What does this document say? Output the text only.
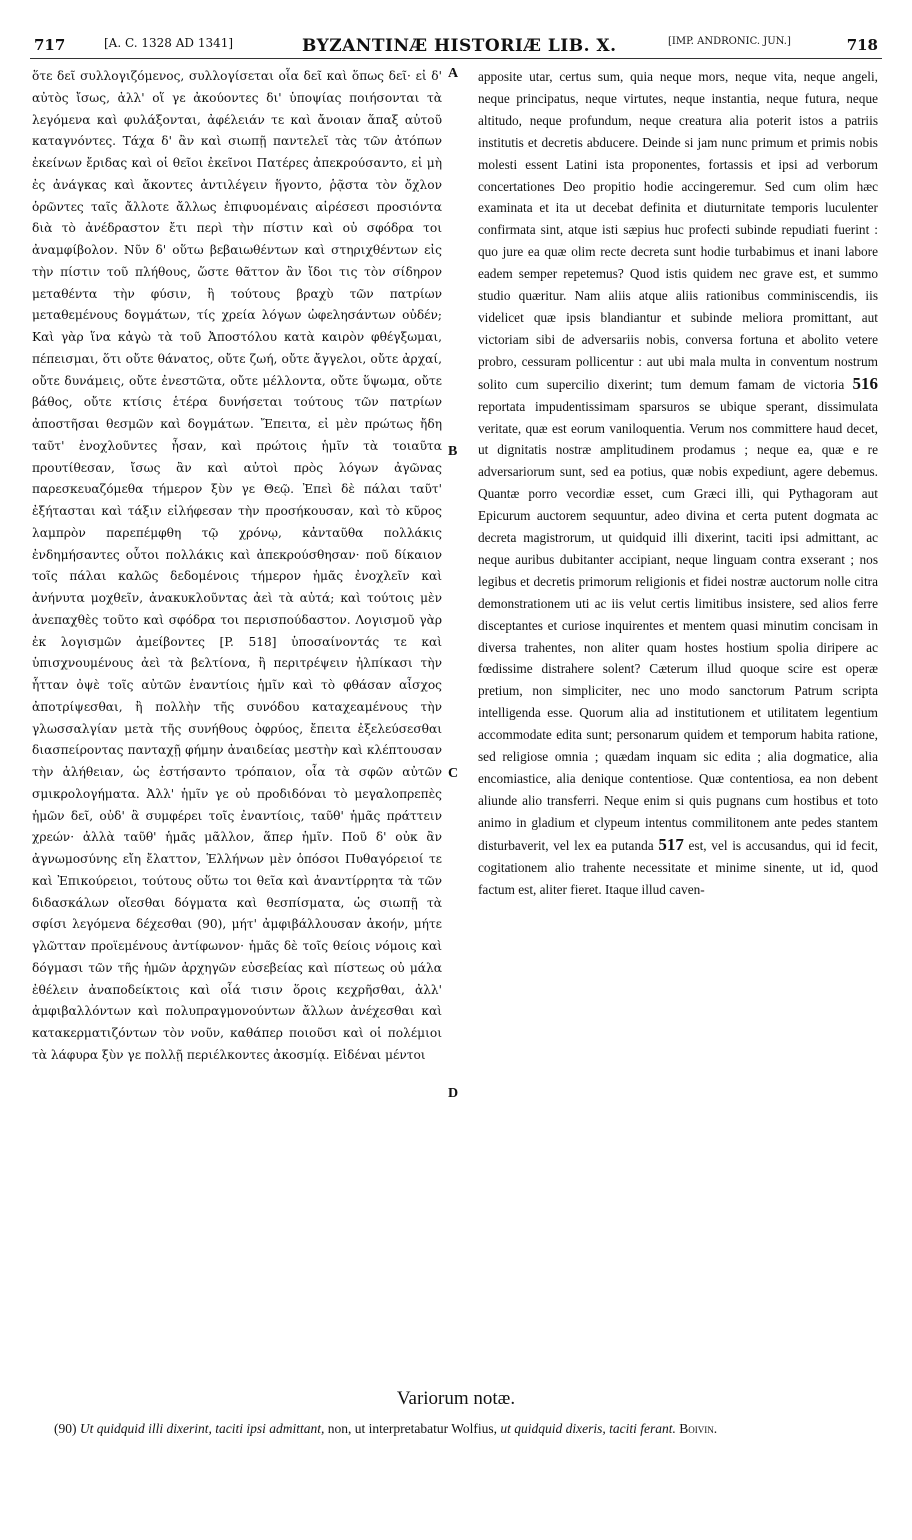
717	[A. C. 1328 AD 1341]	BYZANTINÆ HISTORIÆ LIB. X.	[IMP. ANDRONIC. JUN.]	718
ὅτε δεῖ συλλογιζόμενος, συλλογίσεται οἷα δεῖ καὶ ὅπως δεῖ· εἰ δ' αὐτὸς ἴσως, ἀλλ' οἵ γε ἀκούοντες δι' ὑποψίας ποιήσονται τὰ λεγόμενα καὶ φυλάξονται, ἀφέλειάν τε καὶ ἄνοιαν ἅπαξ αὐτοῦ καταγνόντες. Τάχα δ' ἂν καὶ σιωπῇ παντελεῖ τὰς τῶν ἀτόπων ἐκείνων ἔριδας καὶ οἱ θεῖοι ἐκεῖνοι Πατέρες ἀπεκρούσαντο, εἰ μὴ ἐς ἀνάγκας καὶ ἄκοντες ἀντιλέγειν ἥγοντο, ῥᾷστα τὸν ὄχλον ὁρῶντες ταῖς ἄλλοτε ἄλλως ἐπιφυομέναις αἱρέσεσι προσιόντα διὰ τὸ ἀνέδραστον ἔτι περὶ τὴν πίστιν καὶ οὐ σφόδρα τοι ἀναμφίβολον. Νῦν δ' οὕτω βεβαιωθέντων καὶ στηριχθέντων εἰς τὴν πίστιν τοῦ πλήθους, ὥστε θᾶττον ἂν ἴδοι τις τὸν σίδηρον μεταθέντα τὴν φύσιν, ἢ τούτους βραχὺ τῶν πατρίων μεταθεμένους δογμάτων, τίς χρεία λόγων ὠφελησάντων οὐδέν; Καὶ γὰρ ἵνα κἀγὼ τὰ τοῦ Ἀποστόλου κατὰ καιρὸν φθέγξωμαι, πέπεισμαι, ὅτι οὔτε θάνατος, οὔτε ζωή, οὔτε ἄγγελοι, οὔτε ἀρχαί, οὔτε δυνάμεις, οὔτε ἐνεστῶτα, οὔτε μέλλοντα, οὔτε ὕψωμα, οὔτε βάθος, οὔτε κτίσις ἑτέρα δυνήσεται τούτους τῶν πατρίων ἀποστῆσαι θεσμῶν καὶ δογμάτων. Ἔπειτα, εἰ μὲν πρώτως ἤδη ταῦτ' ἐνοχλοῦντες ἦσαν, καὶ πρώτοις ἡμῖν τὰ τοιαῦτα προυτίθεσαν, ἴσως ἂν καὶ αὐτοὶ πρὸς λόγων ἀγῶνας παρεσκευαζόμεθα τήμερον ξὺν γε Θεῷ. Ἐπεὶ δὲ πάλαι ταῦτ' ἐξήτασται καὶ τάξιν εἰλήφεσαν τὴν προσήκουσαν, καὶ τὸ κῦρος λαμπρὸν παρεπέμφθη τῷ χρόνῳ, κἀνταῦθα πολλάκις ἐνδημήσαντες οὗτοι πολλάκις καὶ ἀπεκρούσθησαν· ποῦ δίκαιον τοῖς πάλαι καλῶς δεδομένοις τήμερον ἡμᾶς ἐνοχλεῖν καὶ ἀνήνυτα μοχθεῖν, ἀνακυκλοῦντας ἀεὶ τὰ αὐτά; καὶ τούτοις μὲν ἀνεπαχθὲς τοῦτο καὶ σφόδρα τοι περισπούδαστον. Λογισμοῦ γὰρ ἐκ λογισμῶν ἀμείβοντες [P. 518] ὑποσαίνοντάς τε καὶ ὑπισχνουμένους ἀεὶ τὰ βελτίονα, ἢ περιτρέψειν ἠλπίκασι τὴν ἧτταν ὀψὲ τοῖς αὐτῶν ἐναντίοις ἡμῖν καὶ τὸ φθάσαν αἶσχος ἀποτρίψεσθαι, ἢ πολλὴν τῆς συνόδου καταχεαμένους τὴν γλωσσαλγίαν μετὰ τῆς συνήθους ὀφρύος, ἔπειτα ἐξελεύσεσθαι διασπείροντας πανταχῇ φήμην ἀναιδείας μεστὴν καὶ κλέπτουσαν τὴν ἀλήθειαν, ὡς ἐστήσαντο τρόπαιον, οἷα τὰ σφῶν αὐτῶν σμικρολογήματα. Ἀλλ' ἡμῖν γε οὐ προδιδόναι τὸ μεγαλοπρεπὲς ἡμῶν δεῖ, οὐδ' ἃ συμφέρει τοῖς ἐναντίοις, ταῦθ' ἡμᾶς πράττειν χρεών· ἀλλὰ ταῦθ' ἡμᾶς μᾶλλον, ἅπερ ἡμῖν. Ποῦ δ' οὐκ ἂν ἀγνωμοσύνης εἴη ἔλαττον, Ἑλλήνων μὲν ὁπόσοι Πυθαγόρειοί τε καὶ Ἐπικούρειοι, τούτους οὕτω τοι θεῖα καὶ ἀναντίρρητα τὰ τῶν διδασκάλων οἴεσθαι δόγματα καὶ θεσπίσματα, ὡς σιωπῇ τὰ σφίσι λεγόμενα δέχεσθαι (90), μήτ' ἀμφιβάλλουσαν ἀκοήν, μήτε γλῶτταν προϊεμένους ἀντίφωνον· ἡμᾶς δὲ τοῖς θείοις νόμοις καὶ δόγμασι τῶν τῆς ἡμῶν ἀρχηγῶν εὐσεβείας καὶ πίστεως οὐ μάλα ἐθέλειν ἀναποδείκτοις καὶ οἷά τισιν ὅροις κεχρῆσθαι, ἀλλ' ἀμφιβαλλόντων καὶ πολυπραγμονούντων ἄλλων ἀνέχεσθαι καὶ κατακερματιζόντων τὸν νοῦν, καθάπερ ποιοῦσι καὶ οἱ πολέμιοι τὰ λάφυρα ξὺν γε πολλῇ περιέλκοντες ἀκοσμίᾳ. Εἰδέναι μέντοι
A
B
C
D
apposite utar, certus sum, quia neque mors, neque vita, neque angeli, neque principatus, neque virtutes, neque instantia, neque futura, neque altitudo, neque profundum, neque creatura alia poterit istos a patriis institutis et decretis abducere. Deinde si jam nunc primum et primis nobis molesti essent Latini ista proponentes, fortassis et ipsi ad verborum concertationes Deo propitio hodie accingeremur. Sed cum olim hæc examinata et ita ut decebat definita et diuturnitate temporis luculenter confirmata sint, atque isti sæpius huc profecti subinde repudiati fuerint : quo jure ea quæ olim recte decreta sunt hodie turbabimus et inani labore eadem semper repetemus? Quod istis quidem nec grave est, et summo studio quæritur. Nam aliis atque aliis rationibus comminiscendis, iis videlicet quæ ipsis blandiantur et subinde meliora promittant, aut victoriam sibi de adversariis nobis, conversa fortuna et abolito vetere probro, cessuram pollicentur : aut ubi mala multa in conventum nostrum solito cum supercilio dixerint; tum demum famam de victoria 516 reportata impudentissimam sparsuros se ubique sperant, dissimulata veritate, quæ est eorum vaniloquentia. Verum nos committere haud decet, ut dignitatis nostræ amplitudinem prodamus ; neque ea, quæ e re adversariorum sunt, sed ea potius, quæ nobis expediunt, agere debemus. Quantæ porro vecordiæ esset, cum Græci illi, qui Pythagoram aut Epicurum auctorem sequuntur, adeo divina et certa putent dogmata ac decreta magistrorum, ut quidquid illi dixerint, taciti ipsi admittant, ac neque auribus dubitanter accipiant, neque linguam contra exserant ; nos legibus et decretis primorum religionis et fidei nostræ auctorum nolle citra demonstrationem uti ac iis velut certis limitibus insistere, sed alios ferre disceptantes et curiose inquirentes et mentem quasi minutim concisam in diversa trahentes, non aliter quam hostes hostium spolia diripere ac fœdissime distrahere solent? Cæterum illud quoque scire est operæ pretium, non simpliciter, nec uno modo sanctorum Patrum scripta intelligenda esse. Quorum alia ad institutionem et utilitatem legentium accommodate edita sunt; personarum quidem et temporum habita ratione, sed religiose omnia ; quædam inquam sic edita ; alia dogmatice, alia encomiastice, alia denique contentiose. Quæ contentiosa, ea non debent aliunde alio transferri. Neque enim si quis pugnans cum hostibus et toto animo in gladium et clypeum intentus commilitonem ante pedes stantem disturbaverit, vel lex ea putanda 517 est, vel is accusandus, qui id fecit, cogitationem alio trahente necessitate et minime sinente, ut id, quod factum est, aliter fieret. Itaque illud caven-
Variorum notæ.
(90) Ut quidquid illi dixerint, taciti ipsi admittant, non, ut interpretabatur Wolfius, ut quidquid dixeris, taciti ferant. Boivin.
